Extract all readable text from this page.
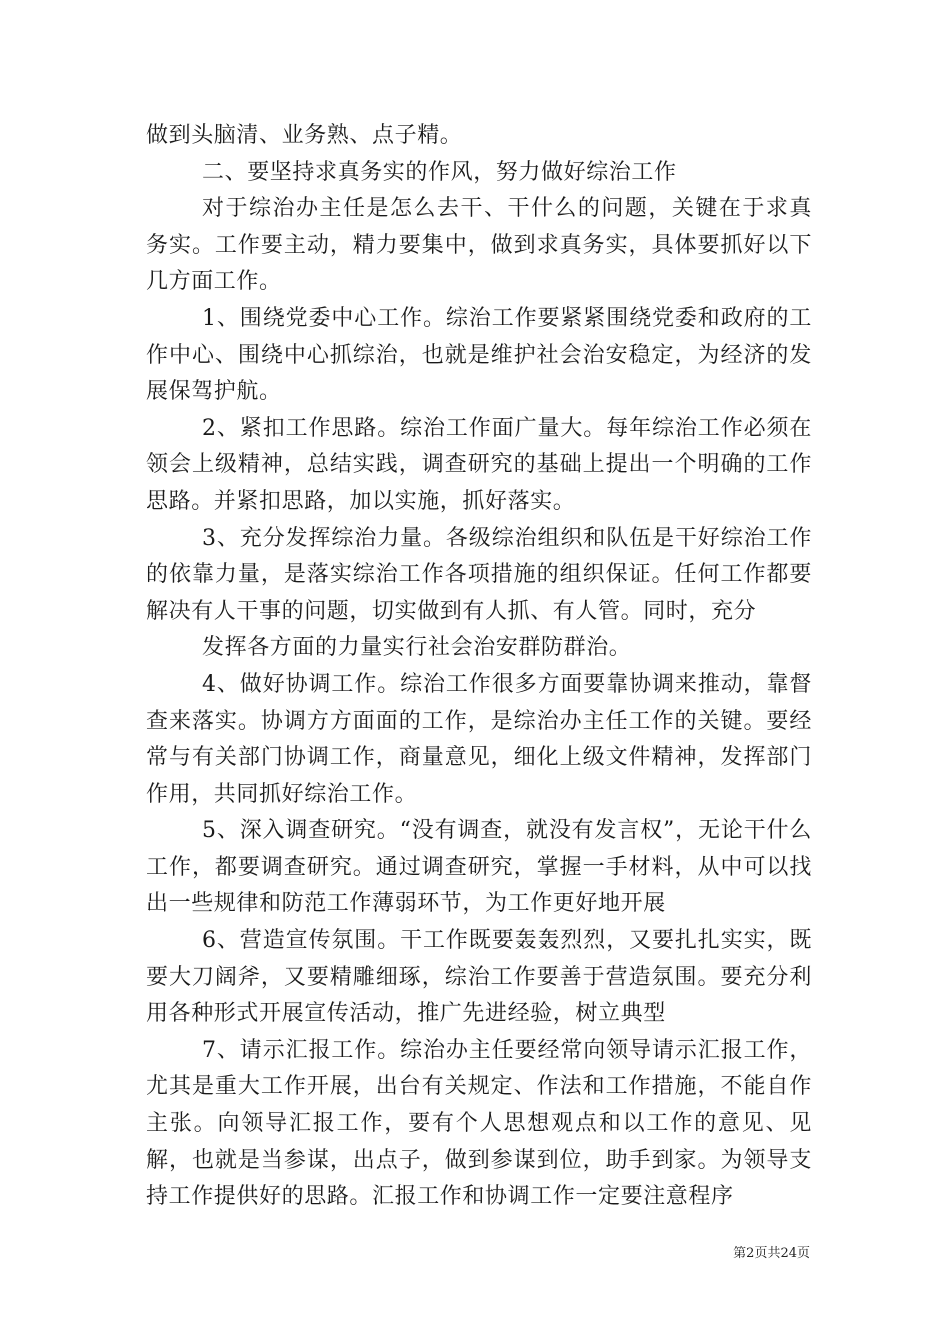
做到头脑清、业务熟、点子精。

二、要坚持求真务实的作风，努力做好综治工作

对于综治办主任是怎么去干、干什么的问题，关键在于求真务实。工作要主动，精力要集中，做到求真务实，具体要抓好以下几方面工作。

1、围绕党委中心工作。综治工作要紧紧围绕党委和政府的工作中心、围绕中心抓综治，也就是维护社会治安稳定，为经济的发展保驾护航。

2、紧扣工作思路。综治工作面广量大。每年综治工作必须在领会上级精神，总结实践，调查研究的基础上提出一个明确的工作思路。并紧扣思路，加以实施，抓好落实。

3、充分发挥综治力量。各级综治组织和队伍是干好综治工作的依靠力量，是落实综治工作各项措施的组织保证。任何工作都要解决有人干事的问题，切实做到有人抓、有人管。同时，充分

发挥各方面的力量实行社会治安群防群治。

4、做好协调工作。综治工作很多方面要靠协调来推动，靠督查来落实。协调方方面面的工作，是综治办主任工作的关键。要经常与有关部门协调工作，商量意见，细化上级文件精神，发挥部门作用，共同抓好综治工作。

5、深入调查研究。“没有调查，就没有发言权”，无论干什么工作，都要调查研究。通过调查研究，掌握一手材料，从中可以找出一些规律和防范工作薄弱环节，为工作更好地开展

6、营造宣传氛围。干工作既要轰轰烈烈，又要扎扎实实，既要大刀阔斧，又要精雕细琢，综治工作要善于营造氛围。要充分利用各种形式开展宣传活动，推广先进经验，树立典型

7、请示汇报工作。综治办主任要经常向领导请示汇报工作，尤其是重大工作开展，出台有关规定、作法和工作措施，不能自作主张。向领导汇报工作，要有个人思想观点和以工作的意见、见解，也就是当参谋，出点子，做到参谋到位，助手到家。为领导支持工作提供好的思路。汇报工作和协调工作一定要注意程序

第2页共24页
